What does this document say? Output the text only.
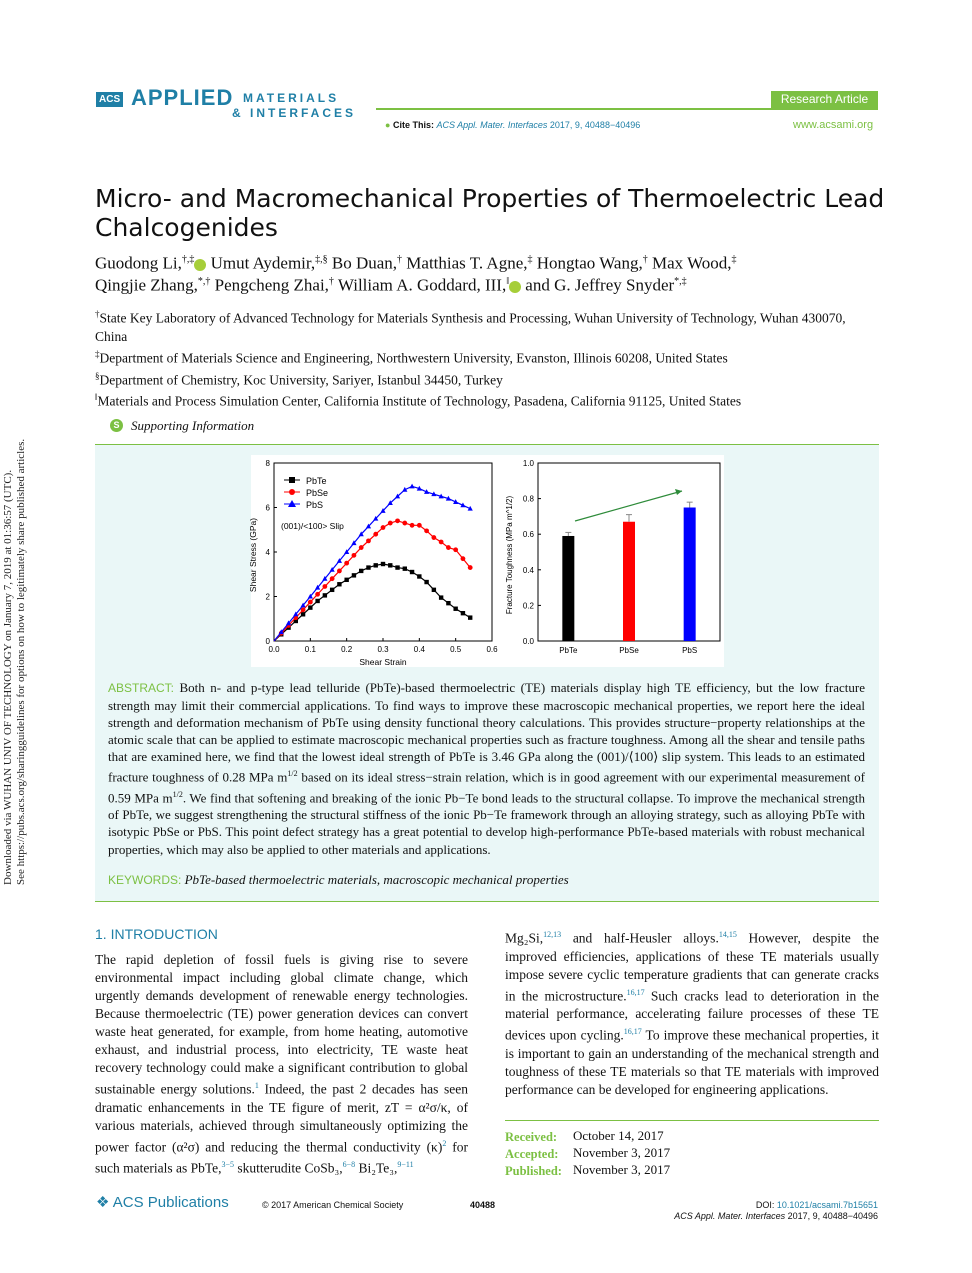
ACS APPLIED MATERIALS
& INTERFACES
Research Article
● Cite This: ACS Appl. Mater. Interfaces 2017, 9, 40488−40496	www.acsami.org
Micro- and Macromechanical Properties of Thermoelectric Lead Chalcogenides
Guodong Li,†,‡ Umut Aydemir,‡,§ Bo Duan,† Matthias T. Agne,‡ Hongtao Wang,† Max Wood,‡
Qingjie Zhang,*,† Pengcheng Zhai,† William A. Goddard, III,‖ and G. Jeffrey Snyder*,‡
†State Key Laboratory of Advanced Technology for Materials Synthesis and Processing, Wuhan University of Technology, Wuhan 430070, China
‡Department of Materials Science and Engineering, Northwestern University, Evanston, Illinois 60208, United States
§Department of Chemistry, Koc University, Sariyer, Istanbul 34450, Turkey
‖Materials and Process Simulation Center, California Institute of Technology, Pasadena, California 91125, United States
S Supporting Information
0.0	0.1	0.2	0.3	0.4	0.5	0.6
0
2
4
6
8
PbTe
PbSe
PbS
(001)/<100> Slip
Shear Strain
Shear Stress (GPa)
0.0
0.2
0.4
0.6
0.8
1.0
PbTe	PbSe	PbS
Fracture Toughness (MPa m^1/2)
ABSTRACT: Both n- and p-type lead telluride (PbTe)-based thermoelectric (TE) materials display high TE efficiency, but the low fracture strength may limit their commercial applications. To find ways to improve these macroscopic mechanical properties, we report here the ideal strength and deformation mechanism of PbTe using density functional theory calculations. This provides structure−property relationships at the atomic scale that can be applied to estimate macroscopic mechanical properties such as fracture toughness. Among all the shear and tensile paths that are examined here, we find that the lowest ideal strength of PbTe is 3.46 GPa along the (001)/⟨100⟩ slip system. This leads to an estimated fracture toughness of 0.28 MPa $m^{1/2}$ based on its ideal stress−strain relation, which is in good agreement with our experimental measurement of 0.59 MPa $m^{1/2}$. We find that softening and breaking of the ionic Pb−Te bond leads to the structural collapse. To improve the mechanical strength of PbTe, we suggest strengthening the structural stiffness of the ionic Pb−Te framework through an alloying strategy, such as alloying PbTe with isotypic PbSe or PbS. This point defect strategy has a great potential to develop high-performance PbTe-based materials with robust mechanical properties, which may also be applied to other materials and applications.
KEYWORDS: PbTe-based thermoelectric materials, macroscopic mechanical properties
1. INTRODUCTION
The rapid depletion of fossil fuels is giving rise to severe environmental impact including global climate change, which urgently demands development of renewable energy technologies. Because thermoelectric (TE) power generation devices can convert waste heat generated, for example, from home heating, automotive exhaust, and industrial process, into electricity, TE waste heat recovery technology could make a significant contribution to global sustainable energy solutions.$^1$ Indeed, the past 2 decades has seen dramatic enhancements in the TE figure of merit, zT = α²σ/κ, of various materials, achieved through simultaneously optimizing the power factor (α²σ) and reducing the thermal conductivity $(\kappa)^2$ for such materials as PbTe,$^{3-5}$ skutterudite CoSb₃,$^{6-8}$ Bi₂Te₃,$^{9-11}$
Mg₂Si,$^{12,13}$ and half-Heusler alloys.$^{14,15}$ However, despite the improved efficiencies, applications of these TE materials usually impose severe cyclic temperature gradients that can generate cracks in the microstructure.$^{16,17}$ Such cracks lead to deterioration in the material performance, accelerating failure processes of these TE devices upon cycling.$^{16,17}$ To improve these mechanical properties, it is important to gain an understanding of the mechanical strength and toughness of these TE materials so that TE materials with improved performance can be developed for engineering applications.
Received: October 14, 2017
Accepted: November 3, 2017
Published: November 3, 2017
❖ ACS Publications	© 2017 American Chemical Society	40488	DOI: 10.1021/acsami.7b15651
ACS Appl. Mater. Interfaces 2017, 9, 40488−40496
Downloaded via WUHAN UNIV OF TECHNOLOGY on January 7, 2019 at 01:36:57 (UTC). See https://pubs.acs.org/sharingguidelines for options on how to legitimately share published articles.
